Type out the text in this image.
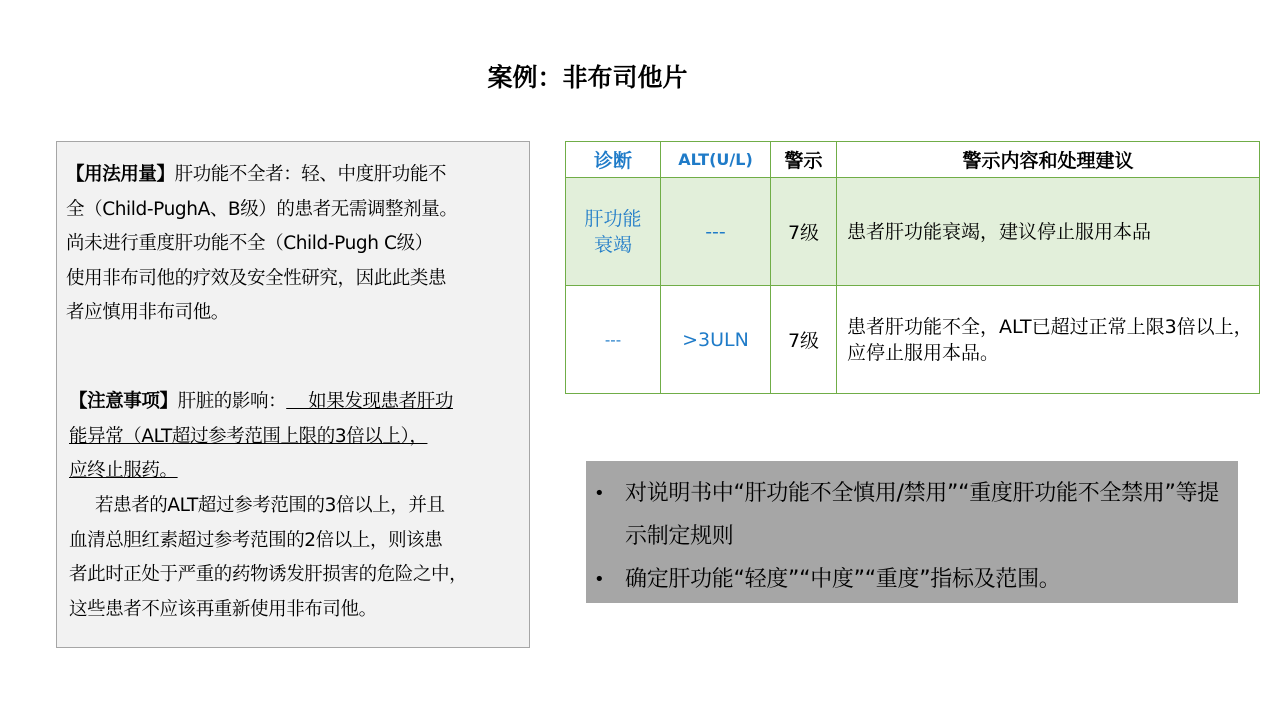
案例：非布司他片
【用法用量】肝功能不全者：轻、中度肝功能不
全（Child-PughA、B级）的患者无需调整剂量。
尚未进行重度肝功能不全（Child-Pugh C级）
使用非布司他的疗效及安全性研究，因此此类患
者应慎用非布司他。
【注意事项】肝脏的影响：    如果发现患者肝功
能异常（ALT超过参考范围上限的3倍以上），
应终止服药。
若患者的ALT超过参考范围的3倍以上，并且
血清总胆红素超过参考范围的2倍以上，则该患
者此时正处于严重的药物诱发肝损害的危险之中，
这些患者不应该再重新使用非布司他。
诊断	ALT(U/L)	警示	警示内容和处理建议
肝功能衰竭	---	7级	患者肝功能衰竭，建议停止服用本品
---	>3ULN	7级	患者肝功能不全，ALT已超过正常上限3倍以上，应停止服用本品。
• 对说明书中“肝功能不全慎用/禁用”“重度肝功能不全禁用”等提示制定规则
• 确定肝功能“轻度”“中度”“重度”指标及范围。
